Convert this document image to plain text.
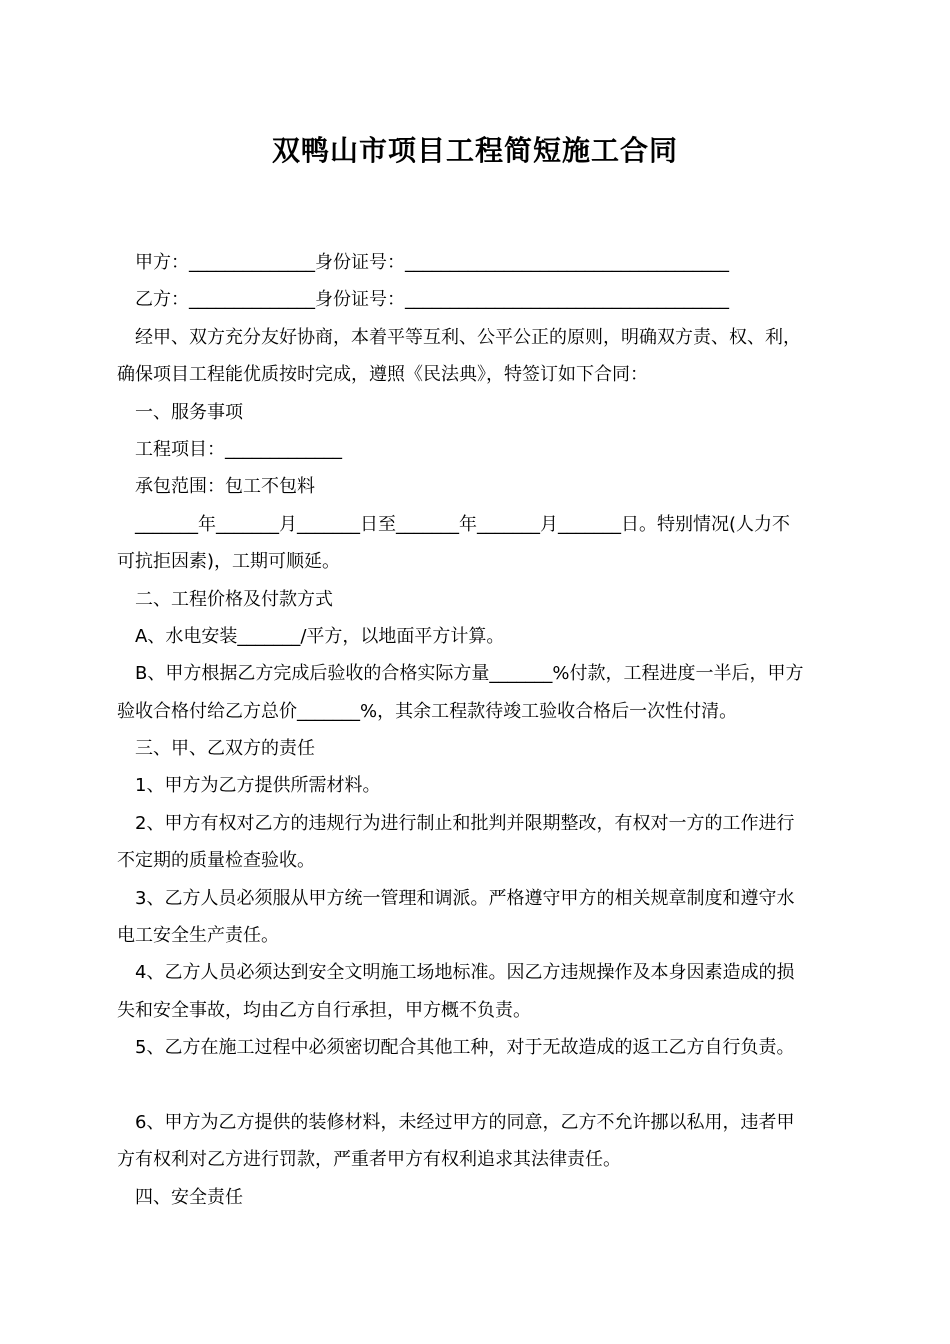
双鸭山市项目工程简短施工合同
甲方：______________身份证号：____________________________________
乙方：______________身份证号：____________________________________
经甲、双方充分友好协商，本着平等互利、公平公正的原则，明确双方责、权、利，
确保项目工程能优质按时完成，遵照《民法典》，特签订如下合同：
一、服务事项
工程项目：_____________
承包范围：包工不包料
_______年_______月_______日至_______年_______月_______日。特别情况(人力不
可抗拒因素)，工期可顺延。
二、工程价格及付款方式
A、水电安装_______/平方，以地面平方计算。
B、甲方根据乙方完成后验收的合格实际方量_______%付款，工程进度一半后，甲方
验收合格付给乙方总价_______%，其余工程款待竣工验收合格后一次性付清。
三、甲、乙双方的责任
1、甲方为乙方提供所需材料。
2、甲方有权对乙方的违规行为进行制止和批判并限期整改，有权对一方的工作进行
不定期的质量检查验收。
3、乙方人员必须服从甲方统一管理和调派。严格遵守甲方的相关规章制度和遵守水
电工安全生产责任。
4、乙方人员必须达到安全文明施工场地标准。因乙方违规操作及本身因素造成的损
失和安全事故，均由乙方自行承担，甲方概不负责。
5、乙方在施工过程中必须密切配合其他工种，对于无故造成的返工乙方自行负责。
6、甲方为乙方提供的装修材料，未经过甲方的同意，乙方不允许挪以私用，违者甲
方有权利对乙方进行罚款，严重者甲方有权利追求其法律责任。
四、安全责任
